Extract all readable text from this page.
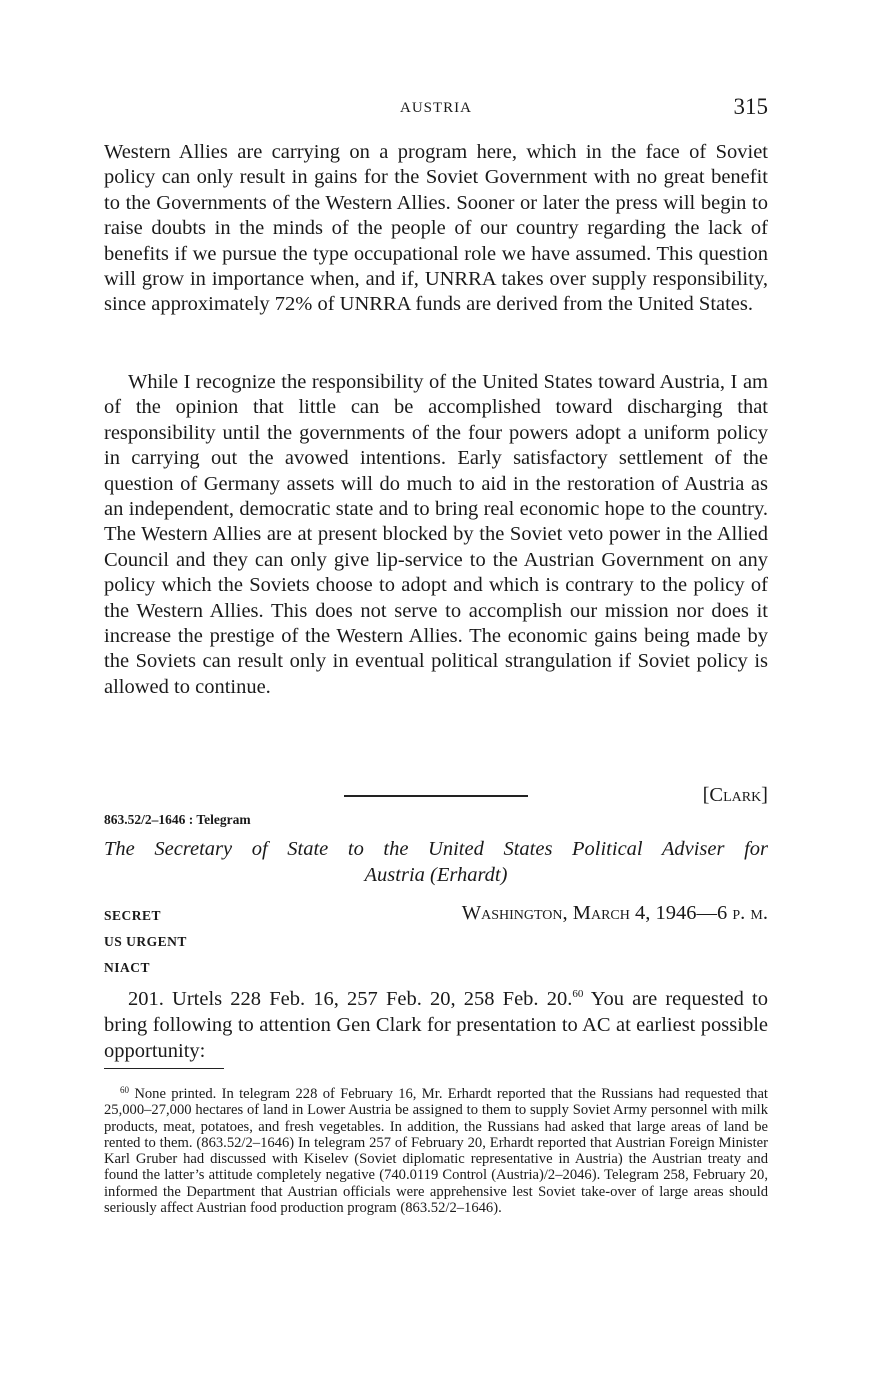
AUSTRIA	315

Western Allies are carrying on a program here, which in the face of Soviet policy can only result in gains for the Soviet Government with no great benefit to the Governments of the Western Allies. Sooner or later the press will begin to raise doubts in the minds of the people of our country regarding the lack of benefits if we pursue the type occupational role we have assumed. This question will grow in importance when, and if, UNRRA takes over supply responsibility, since approximately 72% of UNRRA funds are derived from the United States.

While I recognize the responsibility of the United States toward Austria, I am of the opinion that little can be accomplished toward discharging that responsibility until the governments of the four powers adopt a uniform policy in carrying out the avowed intentions. Early satisfactory settlement of the question of Germany assets will do much to aid in the restoration of Austria as an independent, democratic state and to bring real economic hope to the country. The Western Allies are at present blocked by the Soviet veto power in the Allied Council and they can only give lip-service to the Austrian Government on any policy which the Soviets choose to adopt and which is contrary to the policy of the Western Allies. This does not serve to accomplish our mission nor does it increase the prestige of the Western Allies. The economic gains being made by the Soviets can result only in eventual political strangulation if Soviet policy is allowed to continue.

[Clark]
863.52/2–1646 : Telegram
The Secretary of State to the United States Political Adviser for
Austria (Erhardt)
SECRET
US URGENT
NIACT
Washington, March 4, 1946—6 p. m.

201. Urtels 228 Feb. 16, 257 Feb. 20, 258 Feb. 20.60 You are requested to bring following to attention Gen Clark for presentation to AC at earliest possible opportunity:

$^{60}$ None printed. In telegram 228 of February 16, Mr. Erhardt reported that the Russians had requested that 25,000–27,000 hectares of land in Lower Austria be assigned to them to supply Soviet Army personnel with milk products, meat, potatoes, and fresh vegetables. In addition, the Russians had asked that large areas of land be rented to them. (863.52/2–1646) In telegram 257 of February 20, Erhardt reported that Austrian Foreign Minister Karl Gruber had discussed with Kiselev (Soviet diplomatic representative in Austria) the Austrian treaty and found the latter’s attitude completely negative (740.0119 Control (Austria)/2–2046). Telegram 258, February 20, informed the Department that Austrian officials were apprehensive lest Soviet take-over of large areas should seriously affect Austrian food production program (863.52/2–1646).
